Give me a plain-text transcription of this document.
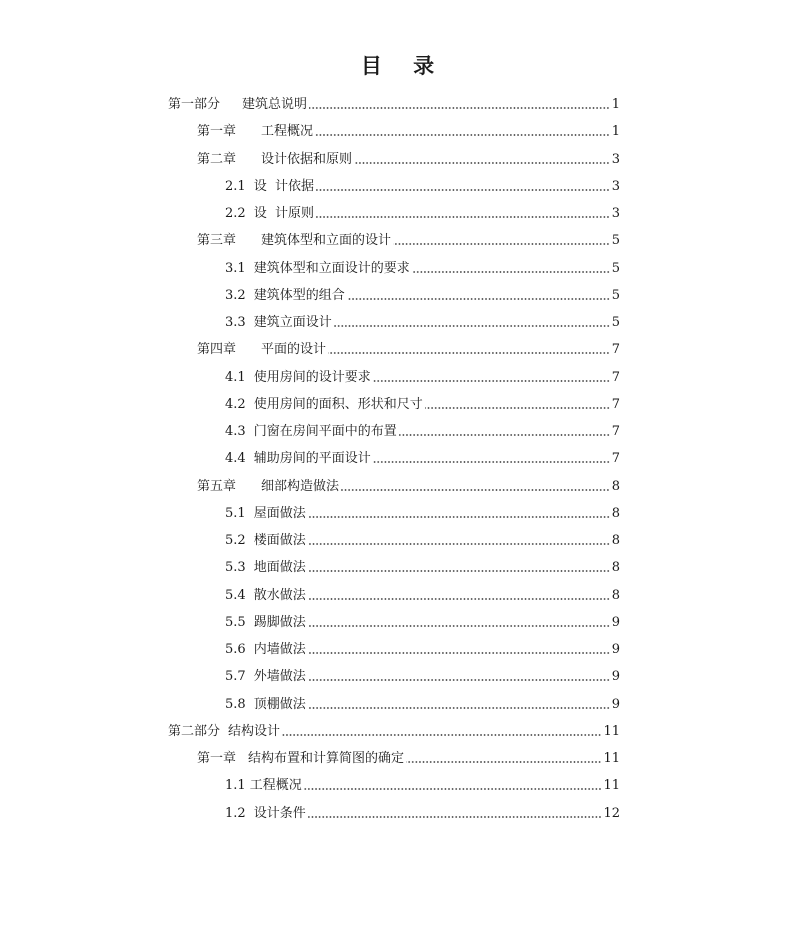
目 录
第一部分 建筑总说明	1
第一章 工程概况	1
第二章 设计依据和原则	3
2.1 设  计依据	3
2.2 设  计原则	3
第三章 建筑体型和立面的设计	5
3.1 建筑体型和立面设计的要求	5
3.2 建筑体型的组合	5
3.3 建筑立面设计	5
第四章 平面的设计	7
4.1 使用房间的设计要求	7
4.2 使用房间的面积、形状和尺寸	7
4.3 门窗在房间平面中的布置	7
4.4 辅助房间的平面设计	7
第五章 细部构造做法	8
5.1 屋面做法	8
5.2 楼面做法	8
5.3 地面做法	8
5.4 散水做法	8
5.5 踢脚做法	9
5.6 内墙做法	9
5.7 外墙做法	9
5.8 顶棚做法	9
第二部分 结构设计	11
第一章 结构布置和计算简图的确定	11
1.1 工程概况	11
1.2 设计条件	12
